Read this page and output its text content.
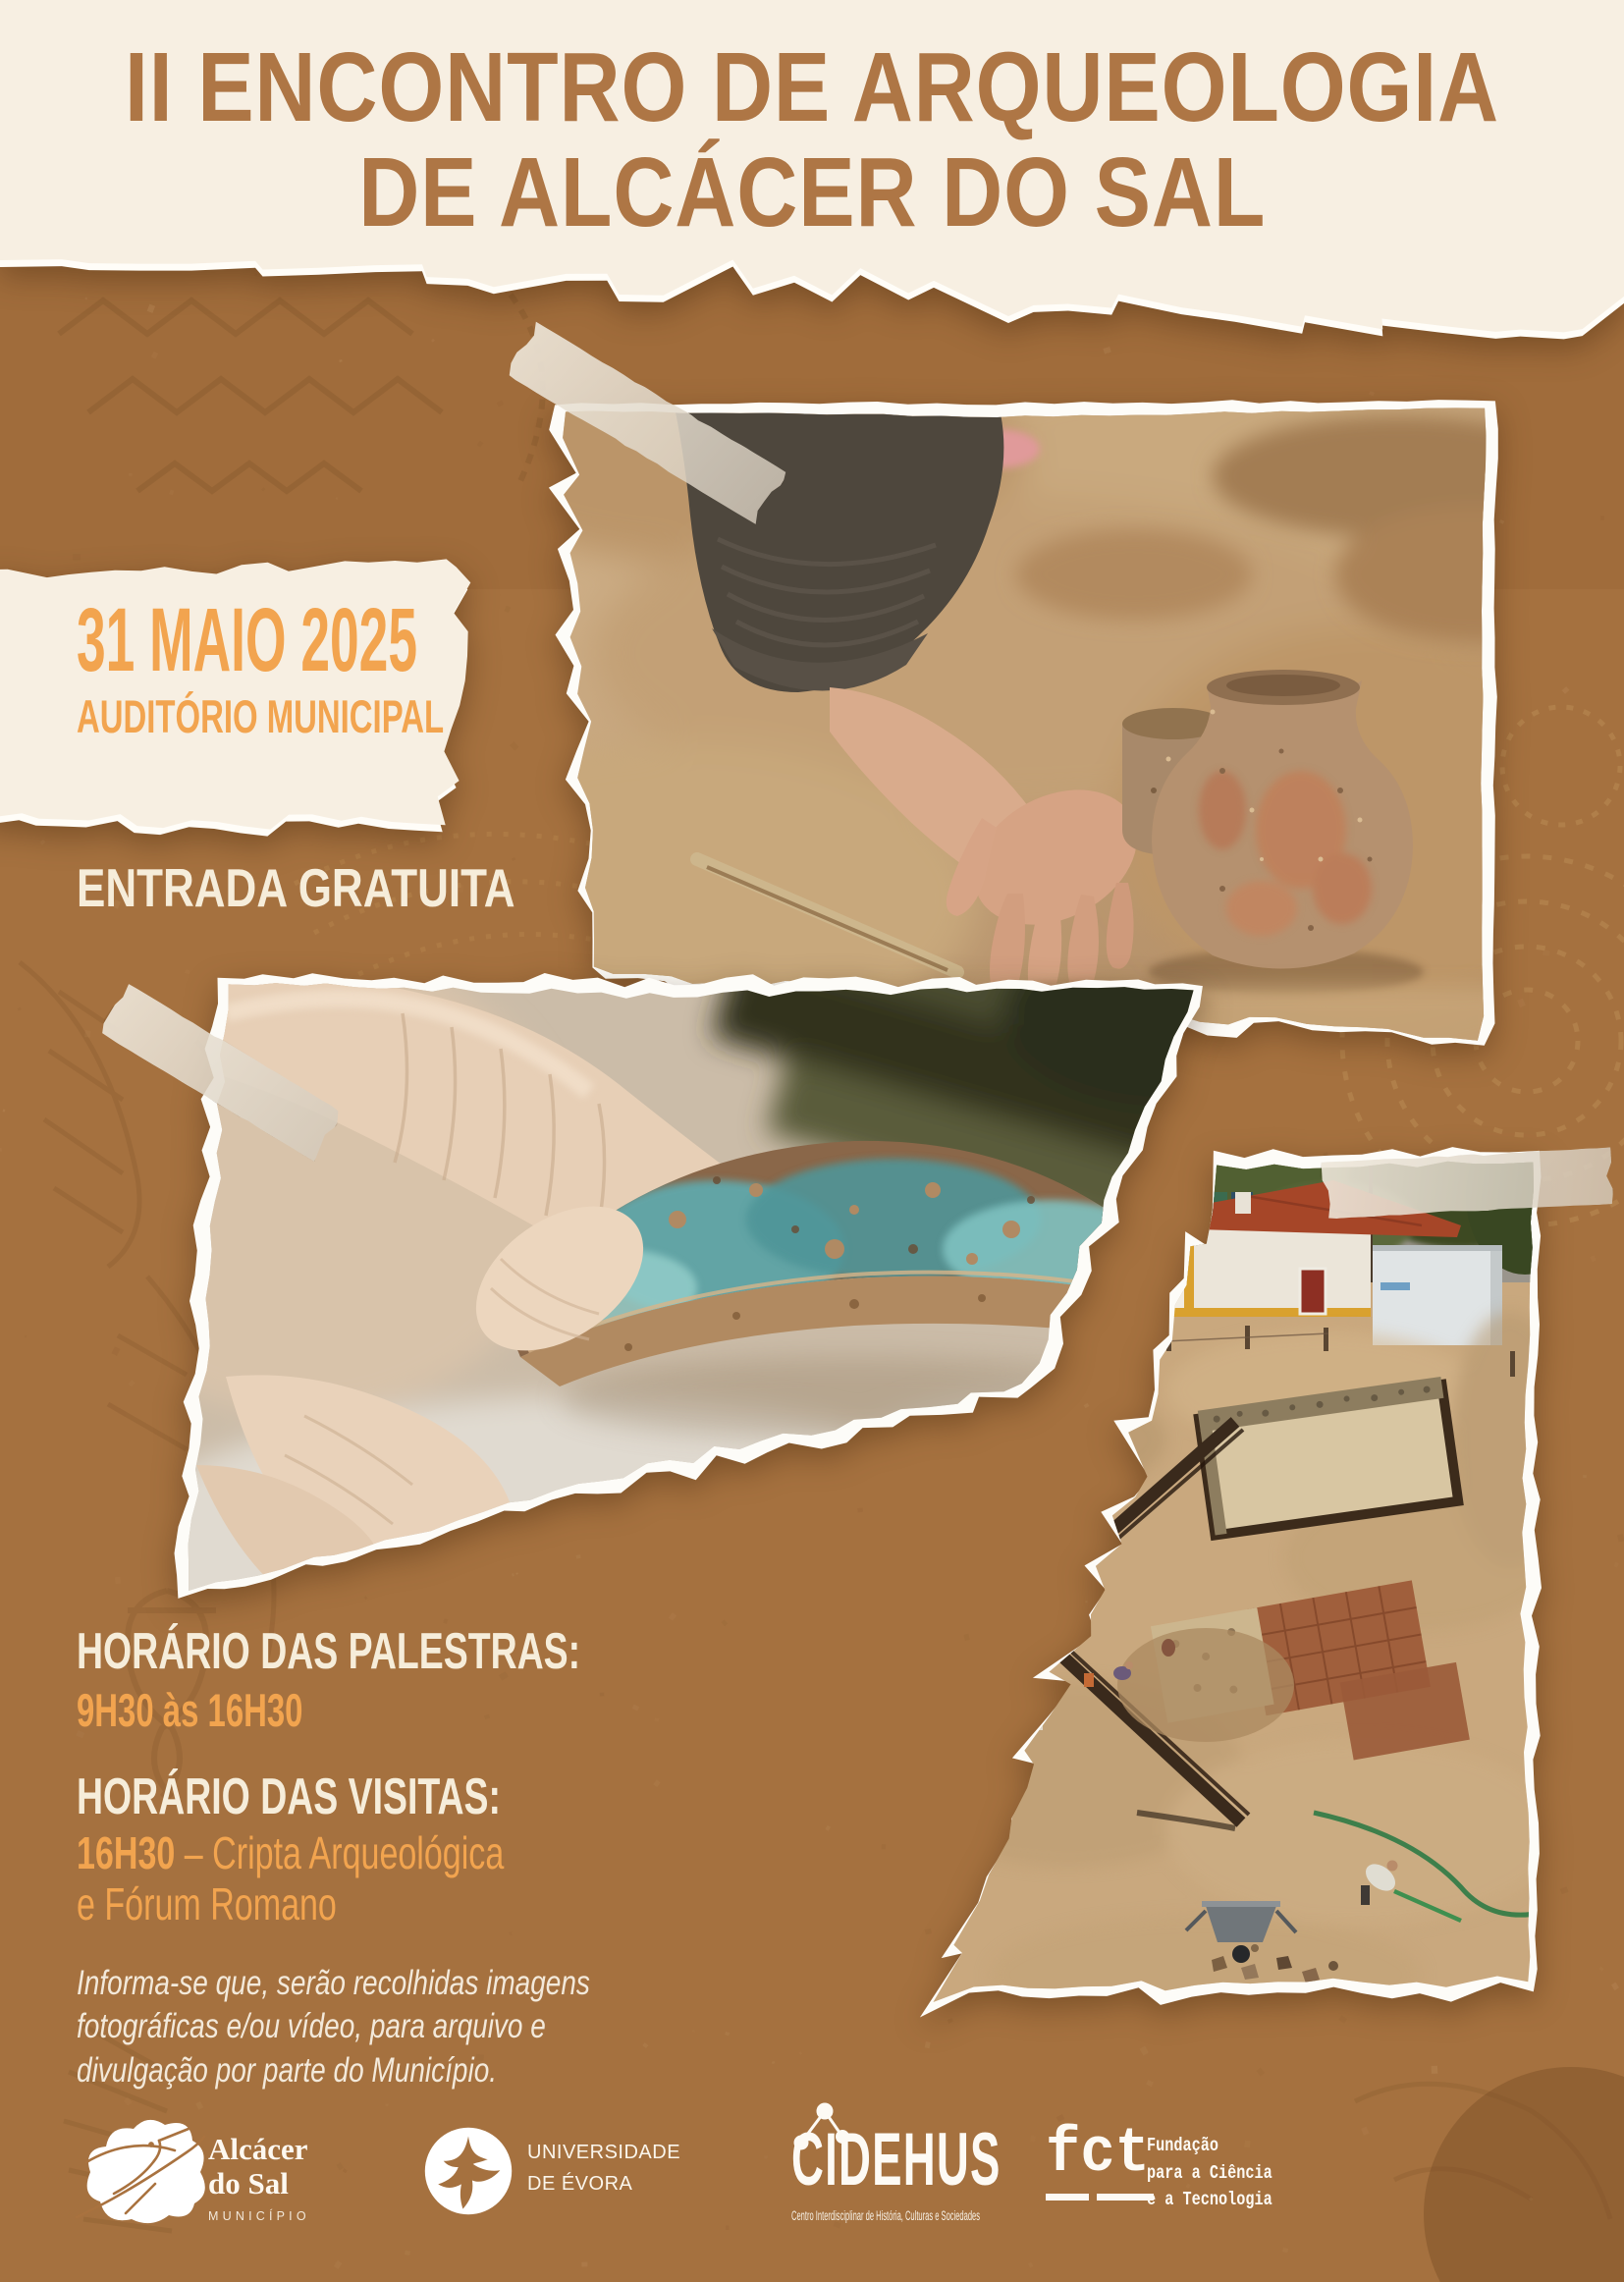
31 MAIO 2025
AUDITÓRIO MUNICIPAL
II ENCONTRO DE ARQUEOLOGIA
DE ALCÁCER DO SAL
ENTRADA GRATUITA
HORÁRIO DAS PALESTRAS:
9H30 às 16H30
HORÁRIO DAS VISITAS:
16H30 – Cripta Arqueológica
e Fórum Romano
Informa-se que, serão recolhidas imagens
fotográficas e/ou vídeo, para arquivo e
divulgação por parte do Município.
Alcácer
do Sal
MUNICÍPIO
UNIVERSIDADE
DE ÉVORA	CIDEHUS
Centro Interdisciplinar de História, Culturas e Sociedades
fct
Fundação
para a Ciência
e a Tecnologia
